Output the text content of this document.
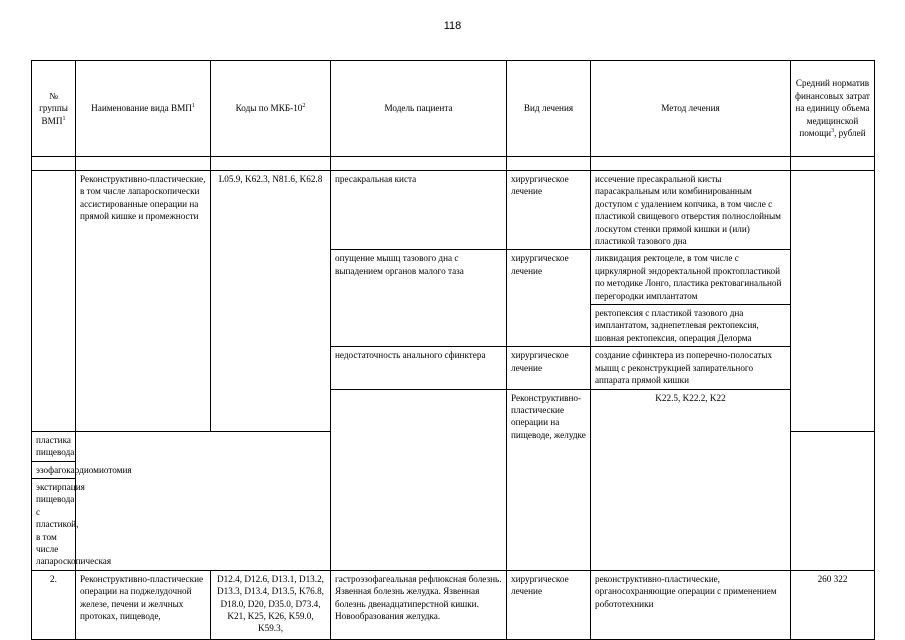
118
№ группы ВМП$^1$	Наименование вида ВМП$^1$	Коды по МКБ-$10^2$	Модель пациента	Вид лечения	Метод лечения	Средний норматив финансовых затрат на единицу объема медицинской помощи$^3$, рублей	

	Реконструктивно-пластические, в том числе лапароскопически ассистированные операции на прямой кишке и промежности	L05.9, K62.3, N81.6, K62.8	пресакральная киста	хирургическое лечение	иссечение пресакральной кисты парасакральным или комбинированным доступом с удалением копчика, в том числе с пластикой свищевого отверстия полнослойным лоскутом стенки прямой кишки и (или) пластикой тазового дна		
			опущение мышц тазового дна с выпадением органов малого таза	хирургическое лечение	ликвидация ректоцеле, в том числе с циркулярной эндоректальной проктопластикой по методике Лонго, пластика ректовагинальной перегородки имплантатом		
					ректопексия с пластикой тазового дна имплантатом, заднепетлевая ректопексия, шовная ректопексия, операция Делорма		
			недостаточность анального сфинктера	хирургическое лечение	создание сфинктера из поперечно-полосатых мышц с реконструкцией запирательного аппарата прямой кишки		
				Реконструктивно-пластические операции на пищеводе, желудке	K22.5, K22.2, K22				
пластика пищевода							
эзофагокардиомиотомия							
экстирпация пищевода с пластикой, в том числе лапароскопическая							
2.	Реконструктивно-пластические операции на поджелудочной железе, печени и желчных протоках, пищеводе,	D12.4, D12.6, D13.1, D13.2, D13.3, D13.4, D13.5, K76.8, D18.0, D20, D35.0, D73.4, K21, K25, K26, K59.0, K59.3,	гастроэзофагеальная рефлюксная болезнь. Язвенная болезнь желудка. Язвенная болезнь двенадцатиперстной кишки. Новообразования желудка.	хирургическое лечение	реконструктивно-пластические, органосохраняющие операции с применением робототехники	260 322	
